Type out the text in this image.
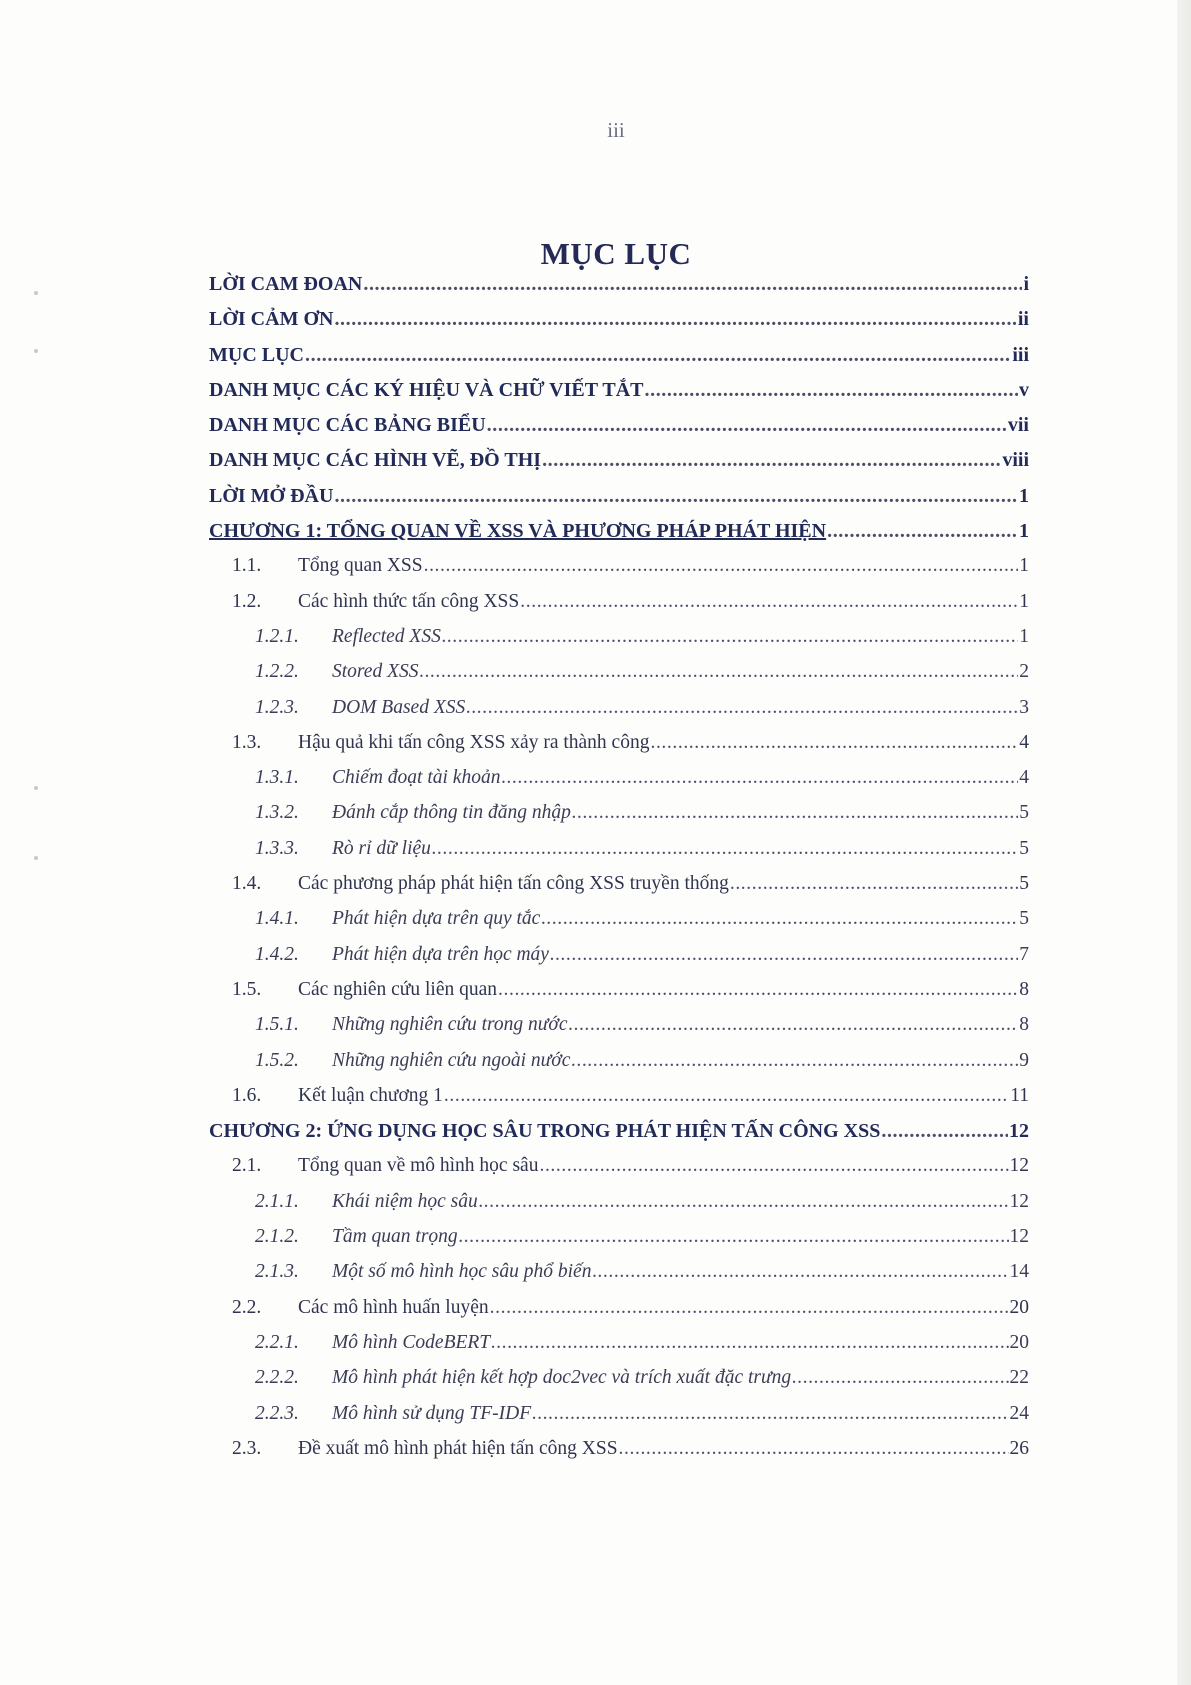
iii
MỤC LỤC
LỜI CAM ĐOAN .....	i
LỜI CẢM ƠN .....	ii
MỤC LỤC .....	iii
DANH MỤC CÁC KÝ HIỆU VÀ CHỮ VIẾT TẮT .....	v
DANH MỤC CÁC BẢNG BIỂU .....	vii
DANH MỤC CÁC HÌNH VẼ, ĐỒ THỊ .....	viii
LỜI MỞ ĐẦU .....	1
CHƯƠNG 1: TỔNG QUAN VỀ XSS VÀ PHƯƠNG PHÁP PHÁT HIỆN .....	1
1.1.	Tổng quan XSS .....	1
1.2.	Các hình thức tấn công XSS .....	1
1.2.1.	Reflected XSS .....	1
1.2.2.	Stored XSS .....	2
1.2.3.	DOM Based XSS .....	3
1.3.	Hậu quả khi tấn công XSS xảy ra thành công .....	4
1.3.1.	Chiếm đoạt tài khoản .....	4
1.3.2.	Đánh cắp thông tin đăng nhập .....	5
1.3.3.	Rò rỉ dữ liệu .....	5
1.4.	Các phương pháp phát hiện tấn công XSS truyền thống .....	5
1.4.1.	Phát hiện dựa trên quy tắc .....	5
1.4.2.	Phát hiện dựa trên học máy .....	7
1.5.	Các nghiên cứu liên quan .....	8
1.5.1.	Những nghiên cứu trong nước .....	8
1.5.2.	Những nghiên cứu ngoài nước .....	9
1.6.	Kết luận chương 1 .....	11
CHƯƠNG 2: ỨNG DỤNG HỌC SÂU TRONG PHÁT HIỆN TẤN CÔNG XSS .....	12
2.1.	Tổng quan về mô hình học sâu .....	12
2.1.1.	Khái niệm học sâu .....	12
2.1.2.	Tầm quan trọng .....	12
2.1.3.	Một số mô hình học sâu phổ biến .....	14
2.2.	Các mô hình huấn luyện .....	20
2.2.1.	Mô hình CodeBERT .....	20
2.2.2.	Mô hình phát hiện kết hợp doc2vec và trích xuất đặc trưng .....	22
2.2.3.	Mô hình sử dụng TF-IDF .....	24
2.3.	Đề xuất mô hình phát hiện tấn công XSS .....	26
